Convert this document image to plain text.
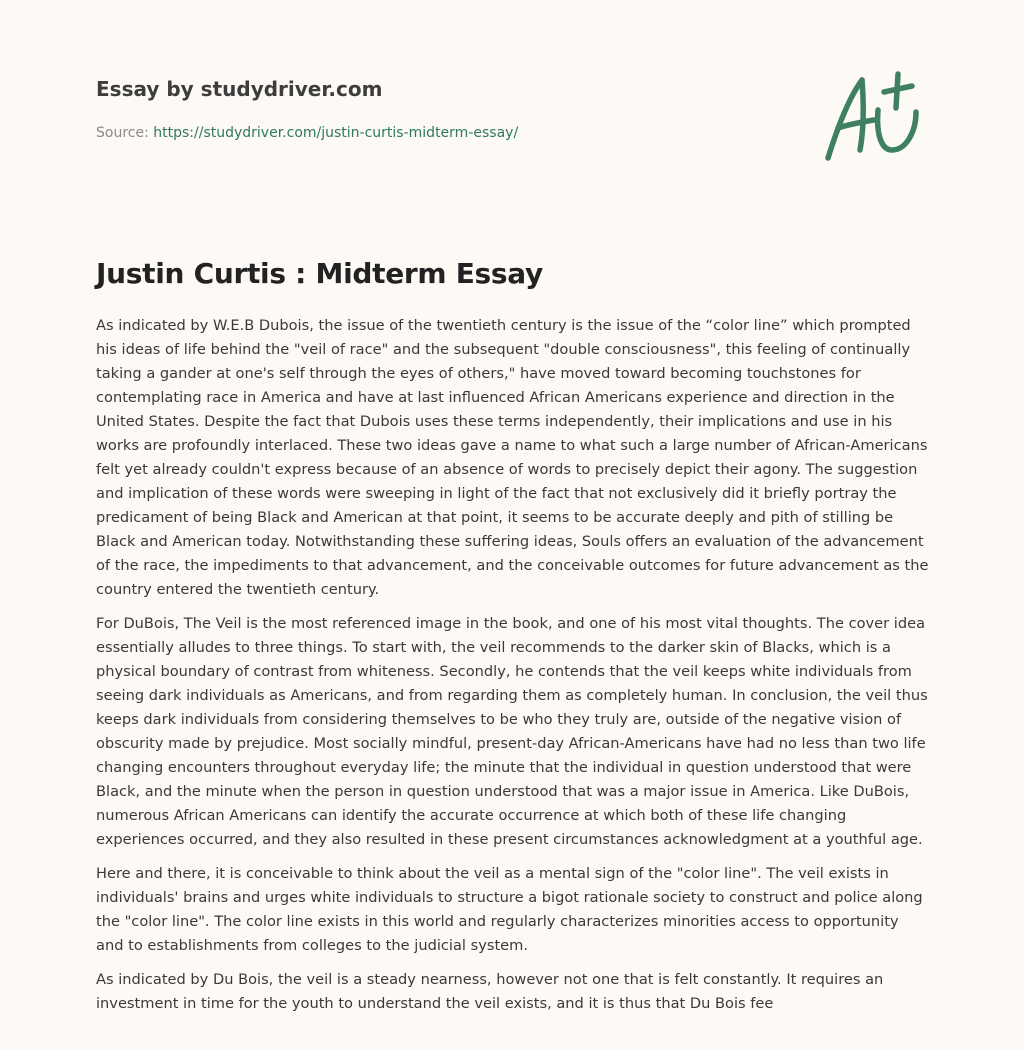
Essay by studydriver.com
Source: https://studydriver.com/justin-curtis-midterm-essay/
Justin Curtis : Midterm Essay

As indicated by W.E.B Dubois, the issue of the twentieth century is the issue of the “color line” which prompted his ideas of life behind the "veil of race" and the subsequent "double consciousness", this feeling of continually taking a gander at one's self through the eyes of others," have moved toward becoming touchstones for contemplating race in America and have at last influenced African Americans experience and direction in the United States. Despite the fact that Dubois uses these terms independently, their implications and use in his works are profoundly interlaced. These two ideas gave a name to what such a large number of African-Americans felt yet already couldn't express because of an absence of words to precisely depict their agony. The suggestion and implication of these words were sweeping in light of the fact that not exclusively did it briefly portray the predicament of being Black and American at that point, it seems to be accurate deeply and pith of stilling be Black and American today. Notwithstanding these suffering ideas, Souls offers an evaluation of the advancement of the race, the impediments to that advancement, and the conceivable outcomes for future advancement as the country entered the twentieth century.

For DuBois, The Veil is the most referenced image in the book, and one of his most vital thoughts. The cover idea essentially alludes to three things. To start with, the veil recommends to the darker skin of Blacks, which is a physical boundary of contrast from whiteness. Secondly, he contends that the veil keeps white individuals from seeing dark individuals as Americans, and from regarding them as completely human. In conclusion, the veil thus keeps dark individuals from considering themselves to be who they truly are, outside of the negative vision of obscurity made by prejudice. Most socially mindful, present-day African-Americans have had no less than two life changing encounters throughout everyday life; the minute that the individual in question understood that were Black, and the minute when the person in question understood that was a major issue in America. Like DuBois, numerous African Americans can identify the accurate occurrence at which both of these life changing experiences occurred, and they also resulted in these present circumstances acknowledgment at a youthful age.

Here and there, it is conceivable to think about the veil as a mental sign of the "color line". The veil exists in individuals' brains and urges white individuals to structure a bigot rationale society to construct and police along the "color line". The color line exists in this world and regularly characterizes minorities access to opportunity and to establishments from colleges to the judicial system.

As indicated by Du Bois, the veil is a steady nearness, however not one that is felt constantly. It requires an investment in time for the youth to understand the veil exists, and it is thus that Du Bois fee
